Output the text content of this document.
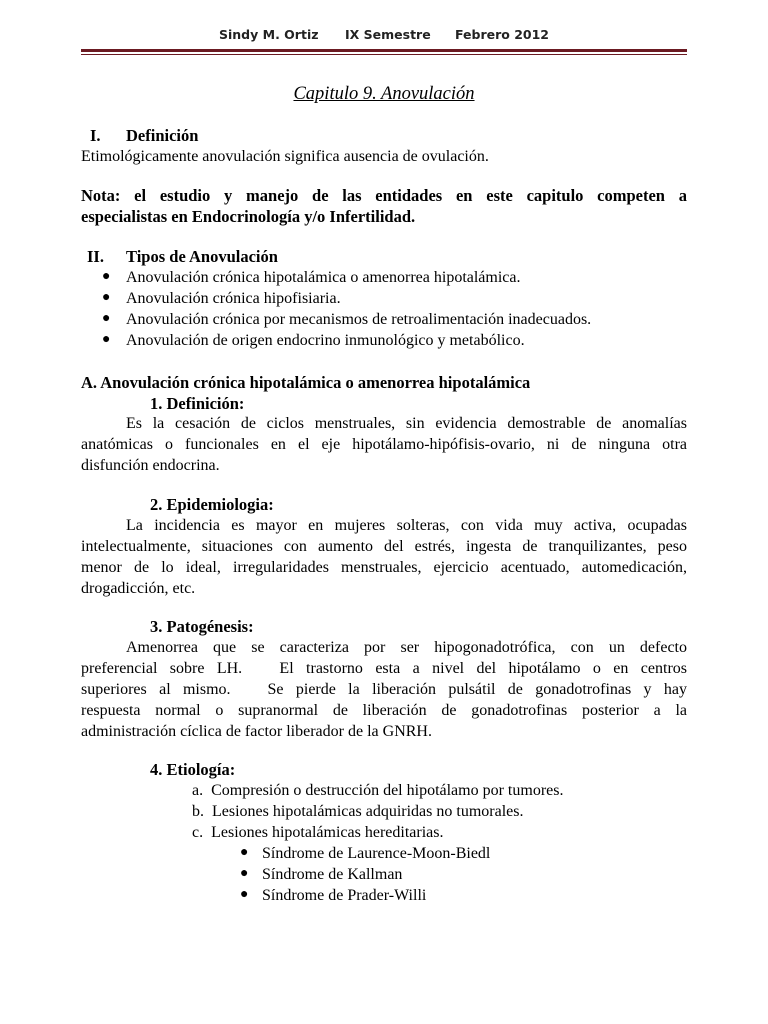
Sindy M. Ortiz IX Semestre Febrero 2012
Capitulo 9. Anovulación
I. Definición
Etimológicamente anovulación significa ausencia de ovulación.
Nota: el estudio y manejo de las entidades en este capitulo competen a
especialistas en Endocrinología y/o Infertilidad.
II. Tipos de Anovulación
● Anovulación crónica hipotalámica o amenorrea hipotalámica.
● Anovulación crónica hipofisiaria.
● Anovulación crónica por mecanismos de retroalimentación inadecuados.
● Anovulación de origen endocrino inmunológico y metabólico.
A. Anovulación crónica hipotalámica o amenorrea hipotalámica
1. Definición:
Es la cesación de ciclos menstruales, sin evidencia demostrable de anomalías
anatómicas o funcionales en el eje hipotálamo-hipófisis-ovario, ni de ninguna otra
disfunción endocrina.
2. Epidemiologia:
La incidencia es mayor en mujeres solteras, con vida muy activa, ocupadas
intelectualmente, situaciones con aumento del estrés, ingesta de tranquilizantes, peso
menor de lo ideal, irregularidades menstruales, ejercicio acentuado, automedicación,
drogadicción, etc.
3. Patogénesis:
Amenorrea que se caracteriza por ser hipogonadotrófica, con un defecto
preferencial sobre LH.   El trastorno esta a nivel del hipotálamo o en centros
superiores al mismo.   Se pierde la liberación pulsátil de gonadotrofinas y hay
respuesta normal o supranormal de liberación de gonadotrofinas posterior a la
administración cíclica de factor liberador de la GNRH.
4. Etiología:
a.  Compresión o destrucción del hipotálamo por tumores.
b.  Lesiones hipotalámicas adquiridas no tumorales.
c.  Lesiones hipotalámicas hereditarias.
● Síndrome de Laurence-Moon-Biedl
● Síndrome de Kallman
● Síndrome de Prader-Willi
